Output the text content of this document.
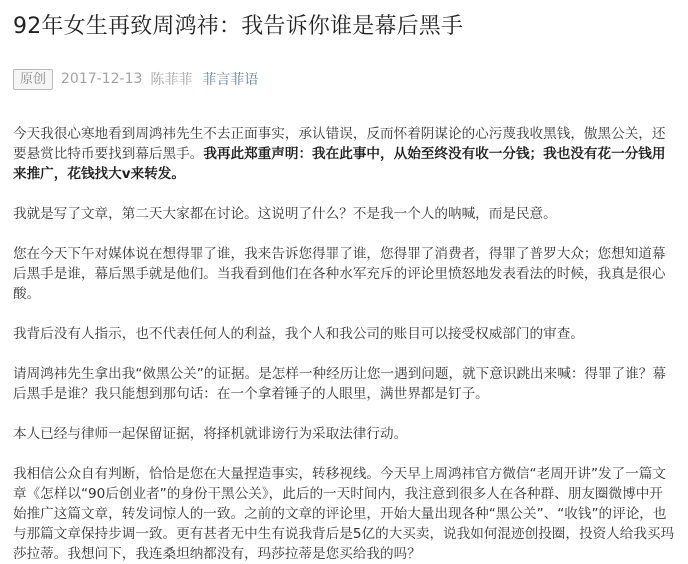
92年女生再致周鸿祎：我告诉你谁是幕后黑手
原创	2017-12-13 陈菲菲 菲言菲语

今天我很心寒地看到周鸿祎先生不去正面事实，承认错误，反而怀着阴谋论的心污蔑我收黑钱，傲黑公关，还要悬赏比特币要找到幕后黑手。我再此郑重声明：我在此事中，从始至终没有收一分钱；我也没有花一分钱用来推广，花钱找大v来转发。

我就是写了文章，第二天大家都在讨论。这说明了什么？不是我一个人的呐喊，而是民意。

您在今天下午对媒体说在想得罪了谁，我来告诉您得罪了谁，您得罪了消费者，得罪了普罗大众；您想知道幕后黑手是谁，幕后黑手就是他们。当我看到他们在各种水军充斥的评论里愤怒地发表看法的时候，我真是很心酸。

我背后没有人指示，也不代表任何人的利益，我个人和我公司的账目可以接受权威部门的审查。

请周鸿祎先生拿出我“傚黑公关”的证据。是怎样一种经历让您一遇到问题，就下意识跳出来喊：得罪了谁？幕后黑手是谁？我只能想到那句话：在一个拿着锤子的人眼里，满世界都是钉子。

本人已经与律师一起保留证据，将择机就诽谤行为采取法律行动。

我相信公众自有判断，恰恰是您在大量捏造事实，转移视线。今天早上周鸿祎官方微信“老周开讲”发了一篇文章《怎样以“90后创业者”的身份干黑公关》，此后的一天时间内，我注意到很多人在各种群、朋友圈微博中开始推广这篇文章，转发词惊人的一致。之前的文章的评论里，开始大量出现各种“黑公关”、“收钱”的评论，也与那篇文章保持步调一致。更有甚者无中生有说我背后是5亿的大买卖，说我如何混迹创投圈，投资人给我买玛莎拉蒂。我想问下，我连桑坦纳都没有，玛莎拉蒂是您买给我的吗？
